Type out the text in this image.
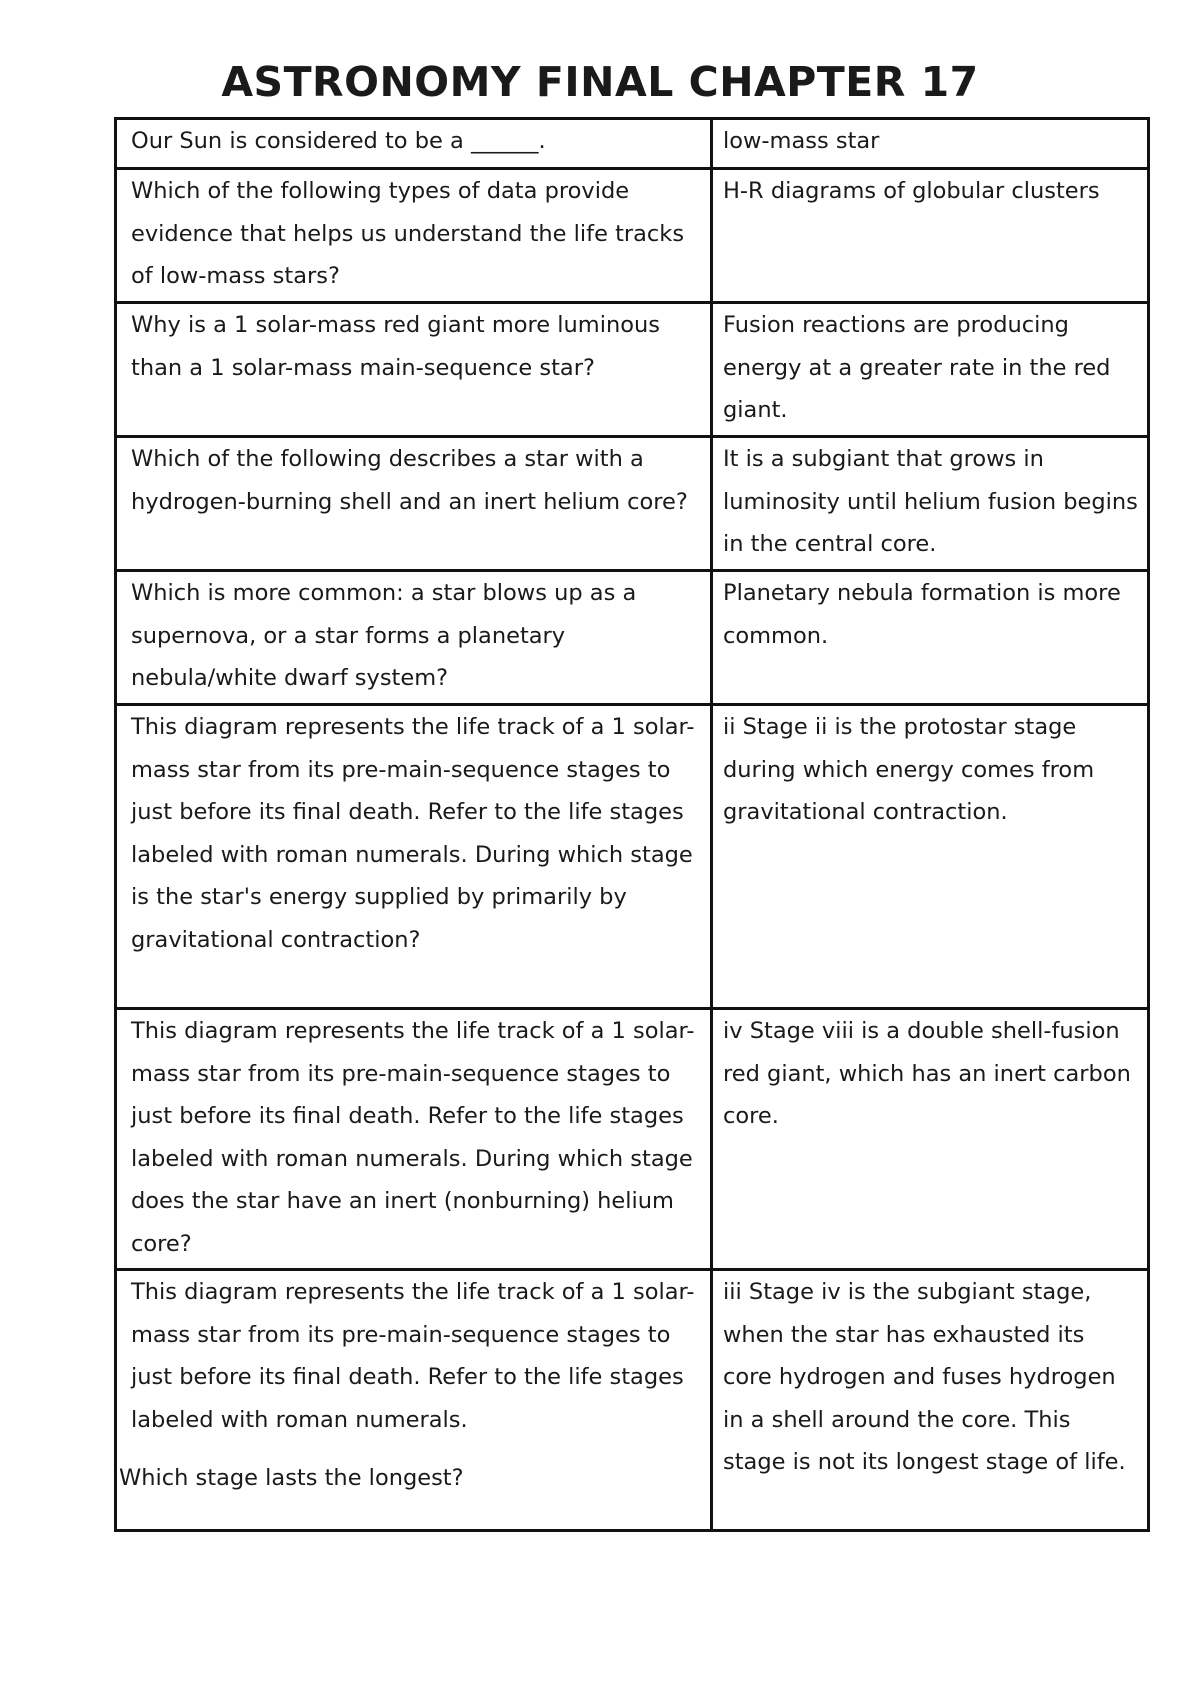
ASTRONOMY FINAL CHAPTER 17
Our Sun is considered to be a ______.	low-mass star
Which of the following types of data provide evidence that helps us understand the life tracks of low-mass stars?	H-R diagrams of globular clusters
Why is a 1 solar-mass red giant more luminous than a 1 solar-mass main-sequence star?	Fusion reactions are producing energy at a greater rate in the red giant.
Which of the following describes a star with a hydrogen-burning shell and an inert helium core?	It is a subgiant that grows in luminosity until helium fusion begins in the central core.
Which is more common: a star blows up as a supernova, or a star forms a planetary nebula/white dwarf system?	Planetary nebula formation is more common.
This diagram represents the life track of a 1 solar-mass star from its pre-main-sequence stages to just before its final death. Refer to the life stages labeled with roman numerals. During which stage is the star's energy supplied by primarily by gravitational contraction?	ii Stage ii is the protostar stage during which energy comes from gravitational contraction.
This diagram represents the life track of a 1 solar-mass star from its pre-main-sequence stages to just before its final death. Refer to the life stages labeled with roman numerals. During which stage does the star have an inert (nonburning) helium core?	iv Stage viii is a double shell-fusion red giant, which has an inert carbon core.

This diagram represents the life track of a 1 solar-mass star from its pre-main-sequence stages to just before its final death. Refer to the life stages labeled with roman numerals.
Which stage lasts the longest?	iii Stage iv is the subgiant stage, when the star has exhausted its core hydrogen and fuses hydrogen in a shell around the core. This stage is not its longest stage of life.
